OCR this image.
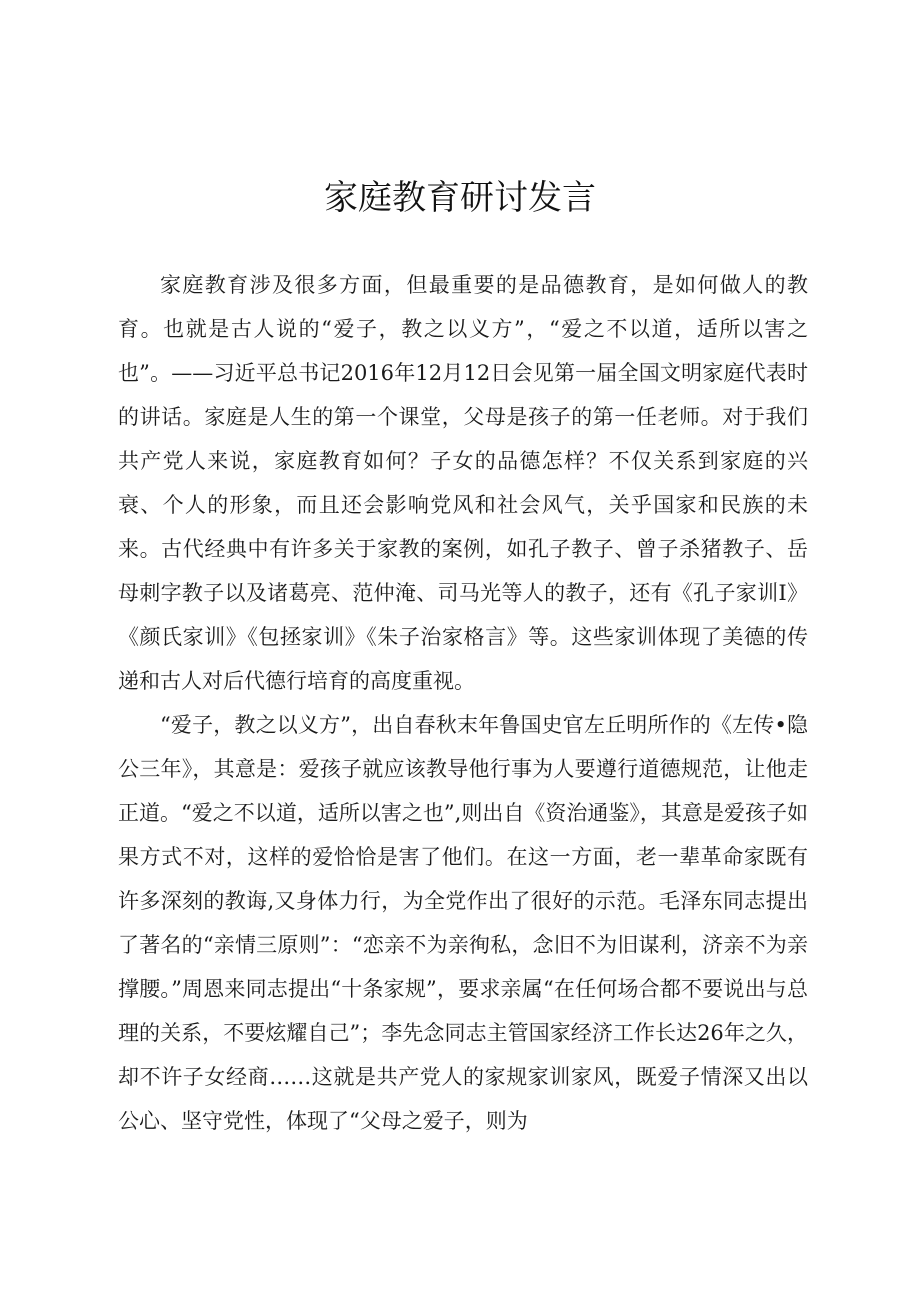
家庭教育研讨发言

家庭教育涉及很多方面，但最重要的是品德教育，是如何做人的教育。也就是古人说的“爱子，教之以义方”，“爱之不以道，适所以害之也”。——习近平总书记2016年12月12日会见第一届全国文明家庭代表时的讲话。家庭是人生的第一个课堂，父母是孩子的第一任老师。对于我们共产党人来说，家庭教育如何？子女的品德怎样？不仅关系到家庭的兴衰、个人的形象，而且还会影响党风和社会风气，关乎国家和民族的未来。古代经典中有许多关于家教的案例，如孔子教子、曾子杀猪教子、岳母刺字教子以及诸葛亮、范仲淹、司马光等人的教子，还有《孔子家训I》《颜氏家训》《包拯家训》《朱子治家格言》等。这些家训体现了美德的传递和古人对后代德行培育的高度重视。

“爱子，教之以义方”，出自春秋末年鲁国史官左丘明所作的《左传•隐公三年》，其意是：爱孩子就应该教导他行事为人要遵行道德规范，让他走正道。“爱之不以道，适所以害之也”,则出自《资治通鉴》，其意是爱孩子如果方式不对，这样的爱恰恰是害了他们。在这一方面，老一辈革命家既有许多深刻的教诲,又身体力行，为全党作出了很好的示范。毛泽东同志提出了著名的“亲情三原则”：“恋亲不为亲徇私，念旧不为旧谋利，济亲不为亲撑腰。”周恩来同志提出“十条家规”，要求亲属“在任何场合都不要说出与总理的关系，不要炫耀自己”；李先念同志主管国家经济工作长达26年之久，却不许子女经商……这就是共产党人的家规家训家风，既爱子情深又出以公心、坚守党性，体现了“父母之爱子，则为
